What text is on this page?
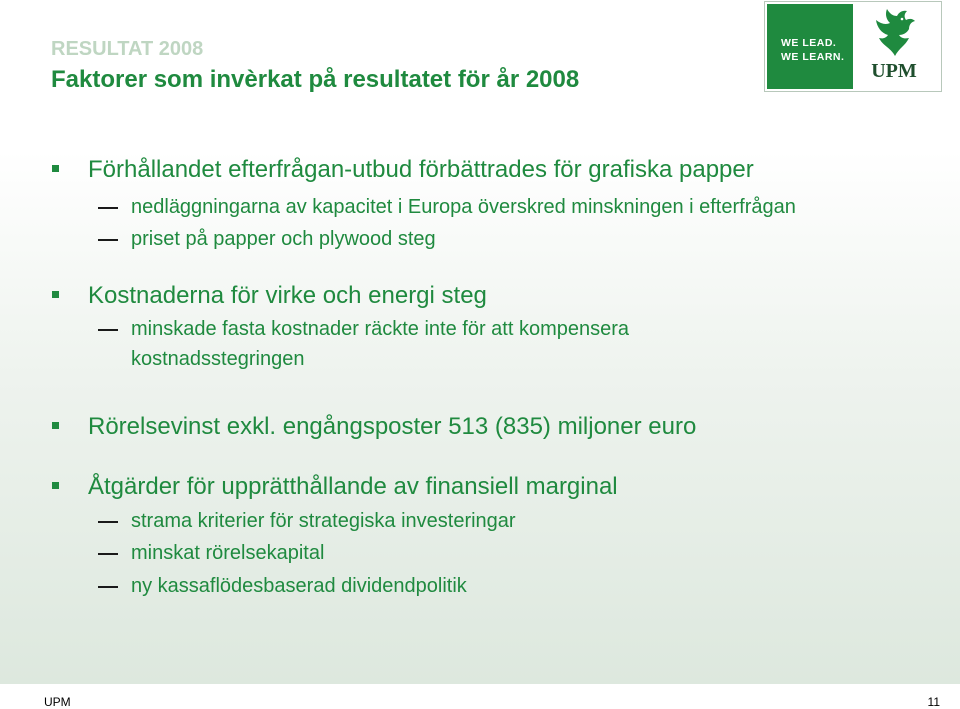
RESULTAT 2008
Faktorer som invèrkat på resultatet för år 2008
WE LEAD.
WE LEARN.
UPM
Förhållandet efterfrågan-utbud förbättrades för grafiska papper
nedläggningarna av kapacitet i Europa överskred minskningen i efterfrågan
priset på papper och plywood steg
Kostnaderna för virke och energi steg
minskade fasta kostnader räckte inte för att kompensera
kostnadsstegringen
Rörelsevinst exkl. engångsposter 513 (835) miljoner euro
Åtgärder för upprätthållande av finansiell marginal
strama kriterier för strategiska investeringar
minskat rörelsekapital
ny kassaflödesbaserad dividendpolitik
UPM	11
